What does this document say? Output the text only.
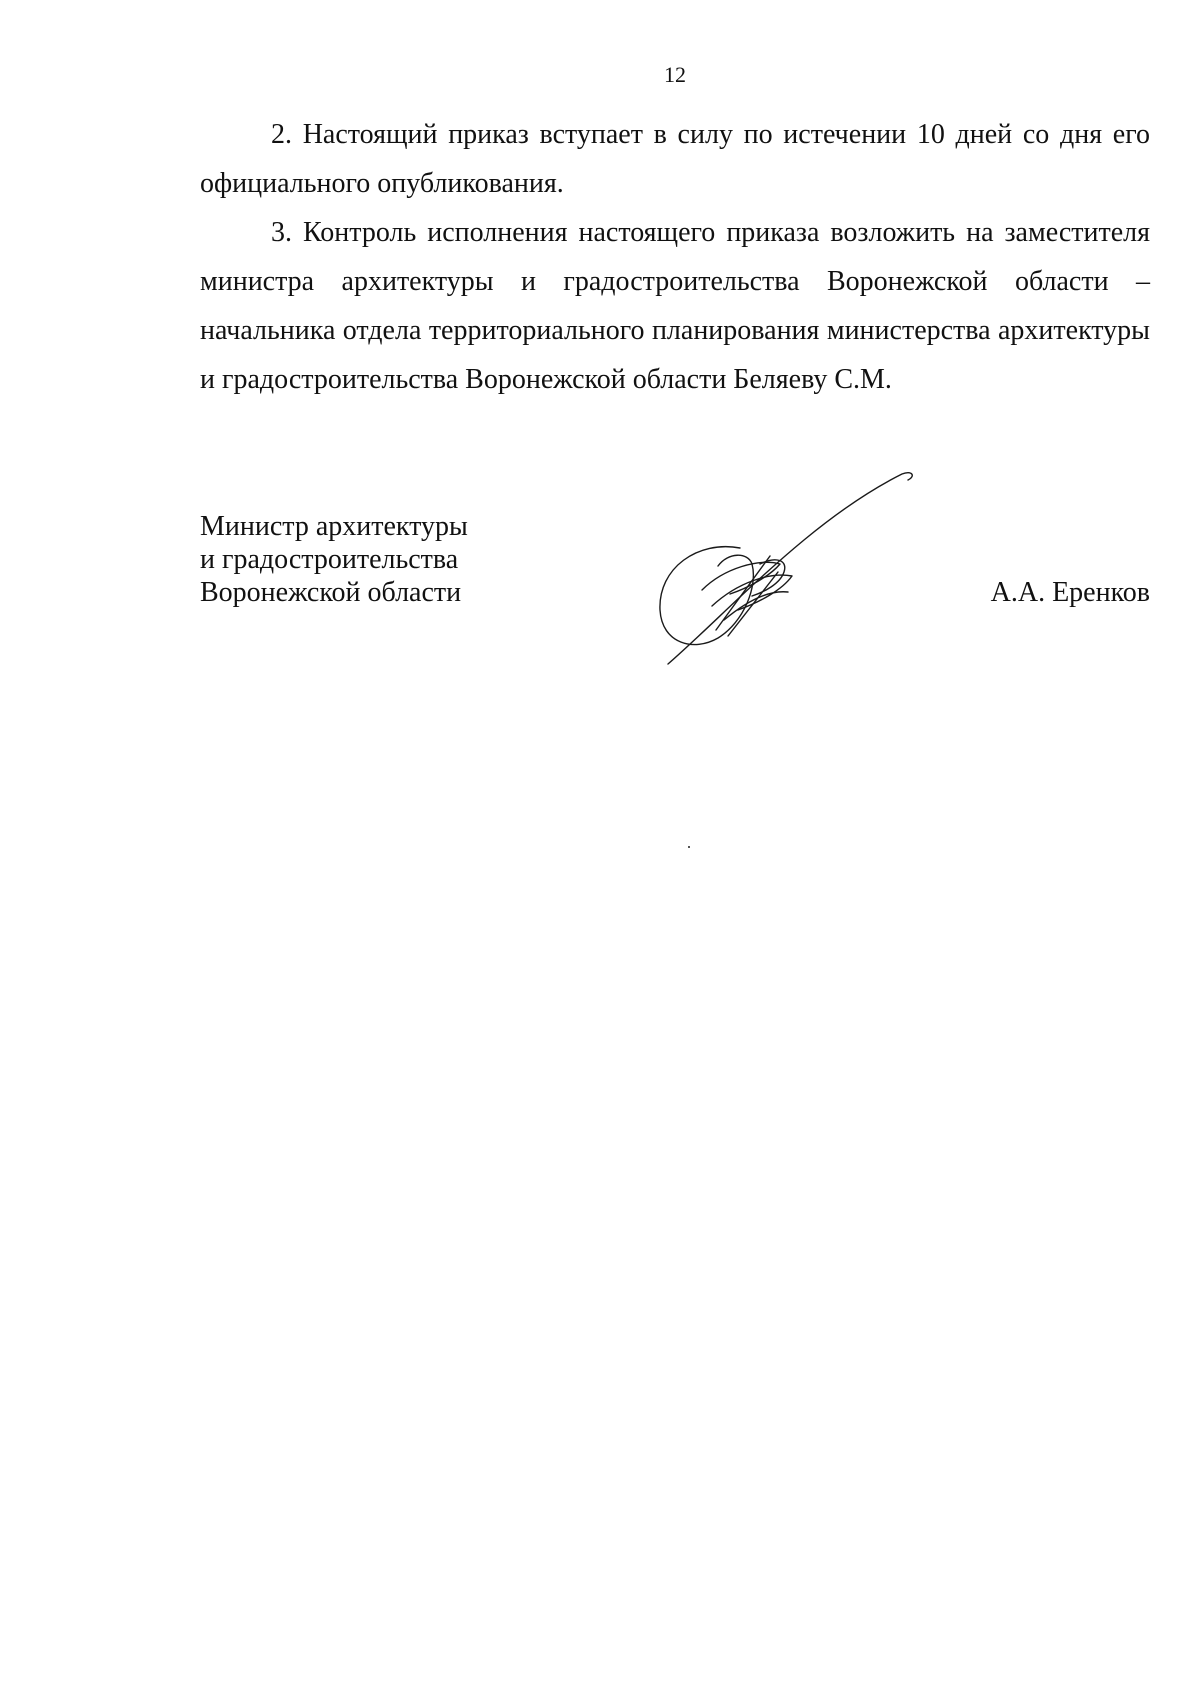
12

2. Настоящий приказ вступает в силу по истечении 10 дней со дня его официального опубликования.

3. Контроль исполнения настоящего приказа возложить на заместителя министра архитектуры и градостроительства Воронежской области – начальника отдела территориального планирования министерства архитектуры и градостроительства Воронежской области Беляеву С.М.

Министр архитектуры
и градостроительства
Воронежской области	А.А. Еренков
